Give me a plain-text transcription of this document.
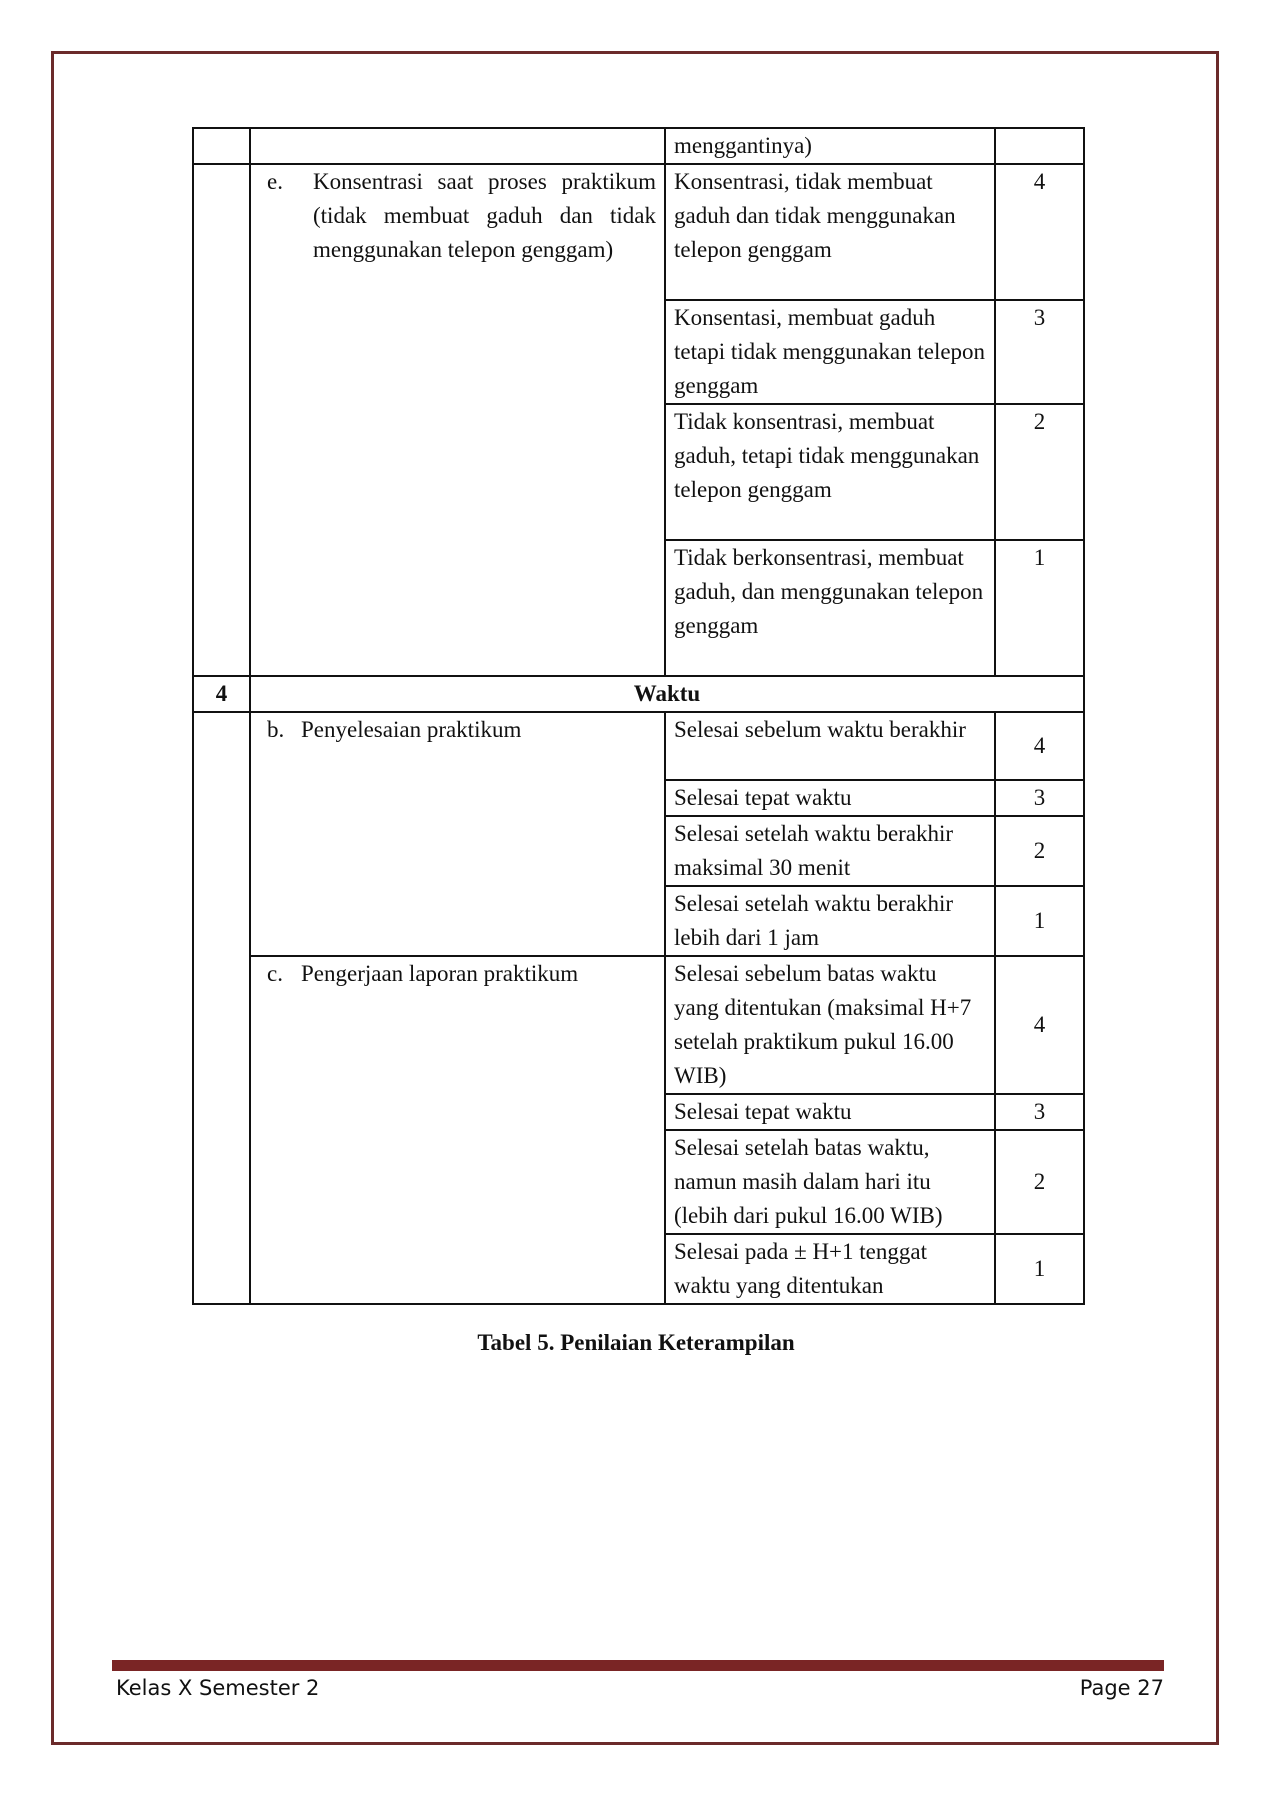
		menggantinya)	

	e. Konsentrasi saat proses praktikum (tidak membuat gaduh dan tidak menggunakan telepon genggam)	Konsentrasi, tidak membuat gaduh dan tidak menggunakan telepon genggam	4
		Konsentasi, membuat gaduh tetapi tidak menggunakan telepon genggam	3
		Tidak konsentrasi, membuat gaduh, tetapi tidak menggunakan telepon genggam	2
		Tidak berkonsentrasi, membuat gaduh, dan menggunakan telepon genggam	1
4	Waktu		

	b. Penyelesaian praktikum	Selesai sebelum waktu berakhir	4
		Selesai tepat waktu	3
		Selesai setelah waktu berakhir maksimal 30 menit	2
		Selesai setelah waktu berakhir lebih dari 1 jam	1

	c. Pengerjaan laporan praktikum	Selesai sebelum batas waktu yang ditentukan (maksimal H+7 setelah praktikum pukul 16.00 WIB)	4
		Selesai tepat waktu	3
		Selesai setelah batas waktu, namun masih dalam hari itu (lebih dari pukul 16.00 WIB)	2
		Selesai pada ± H+1 tenggat waktu yang ditentukan	1
Tabel 5. Penilaian Keterampilan
Kelas X Semester 2	Page 27
